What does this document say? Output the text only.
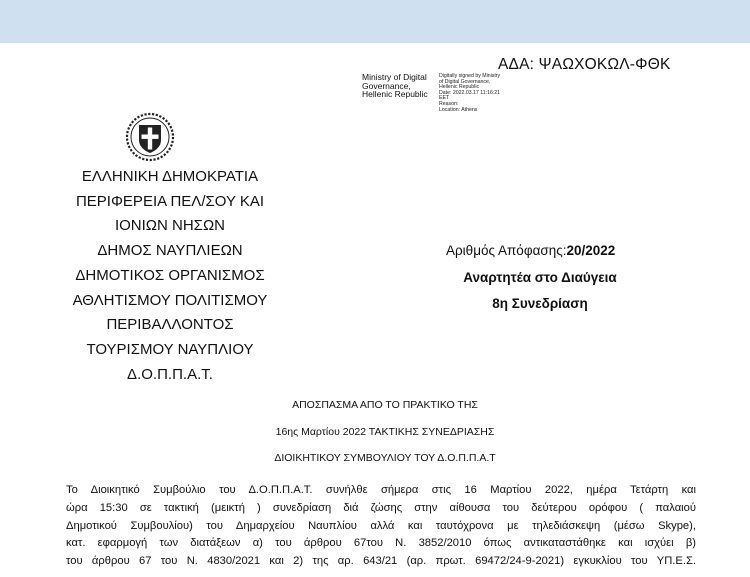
ΑΔΑ: ΨΑΩΧΟΚΩΛ-ΦΘΚ
Ministry of Digital
Governance,
Hellenic Republic
Digitally signed by Ministry
of Digital Governance,
Hellenic Republic
Date: 2022.03.17 11:16:21
EET
Reason:
Location: Athens
ΕΛΛΗΝΙΚΗ ΔΗΜΟΚΡΑΤΙΑ
ΠΕΡΙΦΕΡΕΙΑ ΠΕΛ/ΣΟΥ ΚΑΙ
ΙΟΝΙΩΝ ΝΗΣΩΝ
ΔΗΜΟΣ ΝΑΥΠΛΙΕΩΝ
ΔΗΜΟΤΙΚΟΣ ΟΡΓΑΝΙΣΜΟΣ
ΑΘΛΗΤΙΣΜΟΥ ΠΟΛΙΤΙΣΜΟΥ
ΠΕΡΙΒΑΛΛΟΝΤΟΣ
ΤΟΥΡΙΣΜΟΥ ΝΑΥΠΛΙΟΥ
Δ.Ο.Π.Π.Α.Τ.
Αριθμός Απόφασης:20/2022
Αναρτητέα στο Διαύγεια
8η Συνεδρίαση
ΑΠΟΣΠΑΣΜΑ ΑΠΟ ΤΟ ΠΡΑΚΤΙΚΟ ΤΗΣ
16ης Μαρτίου 2022 ΤΑΚΤΙΚΗΣ ΣΥΝΕΔΡΙΑΣΗΣ
ΔΙΟΙΚΗΤΙΚΟΥ ΣΥΜΒΟΥΛΙΟΥ ΤΟΥ Δ.Ο.Π.Π.Α.Τ
Το Διοικητικό Συμβούλιο του Δ.Ο.Π.Π.Α.Τ. συνήλθε σήμερα στις 16 Μαρτίου 2022, ημέρα Τετάρτη και
ώρα 15:30 σε τακτική (μεικτή ) συνεδρίαση διά ζώσης στην αίθουσα του δεύτερου ορόφου ( παλαιού
Δημοτικού Συμβουλίου) του Δημαρχείου Ναυπλίου αλλά και ταυτόχρονα με τηλεδιάσκεψη (μέσω Skype),
κατ. εφαρμογή των διατάξεων α) του άρθρου 67του Ν. 3852/2010 όπως αντικαταστάθηκε και ισχύει β)
του άρθρου 67 του Ν. 4830/2021 και 2) της αρ. 643/21 (αρ. πρωτ. 69472/24-9-2021) εγκυκλίου του ΥΠ.Ε.Σ.
